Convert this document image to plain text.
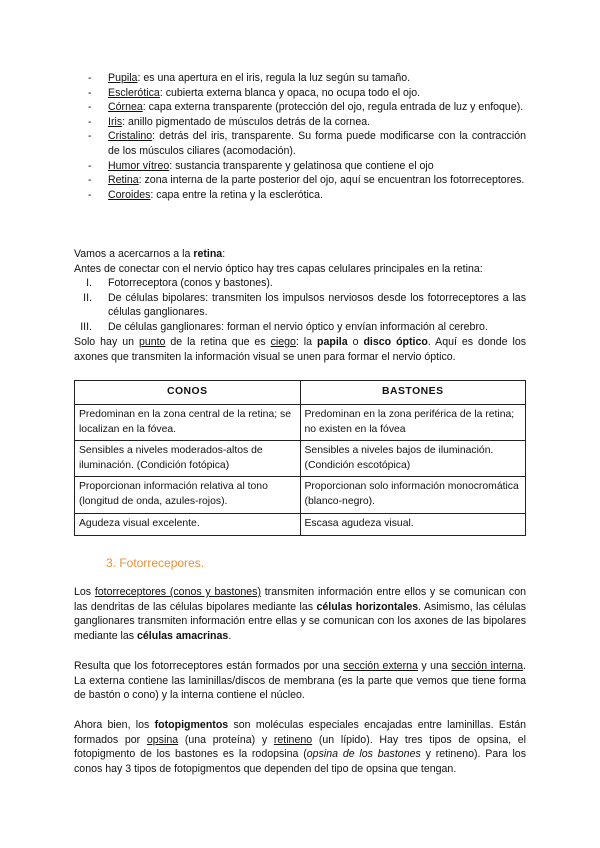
- Pupila: es una apertura en el iris, regula la luz según su tamaño.
- Esclerótica: cubierta externa blanca y opaca, no ocupa todo el ojo.
- Córnea: capa externa transparente (protección del ojo, regula entrada de luz y enfoque).
- Iris: anillo pigmentado de músculos detrás de la cornea.
- Cristalino: detrás del iris, transparente. Su forma puede modificarse con la contracción de los músculos ciliares (acomodación).
- Humor vítreo: sustancia transparente y gelatinosa que contiene el ojo
- Retina: zona interna de la parte posterior del ojo, aquí se encuentran los fotorreceptores.
- Coroides: capa entre la retina y la esclerótica.
Vamos a acercarnos a la retina:
Antes de conectar con el nervio óptico hay tres capas celulares principales en la retina:
I. Fotorreceptora (conos y bastones).
II. De células bipolares: transmiten los impulsos nerviosos desde los fotorreceptores a las células ganglionares.
III. De células ganglionares: forman el nervio óptico y envían información al cerebro.
Solo hay un punto de la retina que es ciego: la papila o disco óptico. Aquí es donde los axones que transmiten la información visual se unen para formar el nervio óptico.
CONOS	BASTONES
Predominan en la zona central de la retina; se localizan en la fóvea.	Predominan en la zona periférica de la retina; no existen en la fóvea
Sensibles a niveles moderados-altos de iluminación. (Condición fotópica)	Sensibles a niveles bajos de iluminación. (Condición escotópica)
Proporcionan información relativa al tono (longitud de onda, azules-rojos).	Proporcionan solo información monocromática (blanco-negro).
Agudeza visual excelente.	Escasa agudeza visual.
3. Fotorrecepores.
Los fotorreceptores (conos y bastones) transmiten información entre ellos y se comunican con las dendritas de las células bipolares mediante las células horizontales. Asimismo, las células ganglionares transmiten información entre ellas y se comunican con los axones de las bipolares mediante las células amacrinas.
Resulta que los fotorreceptores están formados por una sección externa y una sección interna. La externa contiene las laminillas/discos de membrana (es la parte que vemos que tiene forma de bastón o cono) y la interna contiene el núcleo.
Ahora bien, los fotopigmentos son moléculas especiales encajadas entre laminillas. Están formados por opsina (una proteína) y retineno (un lípido). Hay tres tipos de opsina, el fotopigmento de los bastones es la rodopsina (opsina de los bastones y retineno). Para los conos hay 3 tipos de fotopigmentos que dependen del tipo de opsina que tengan.
